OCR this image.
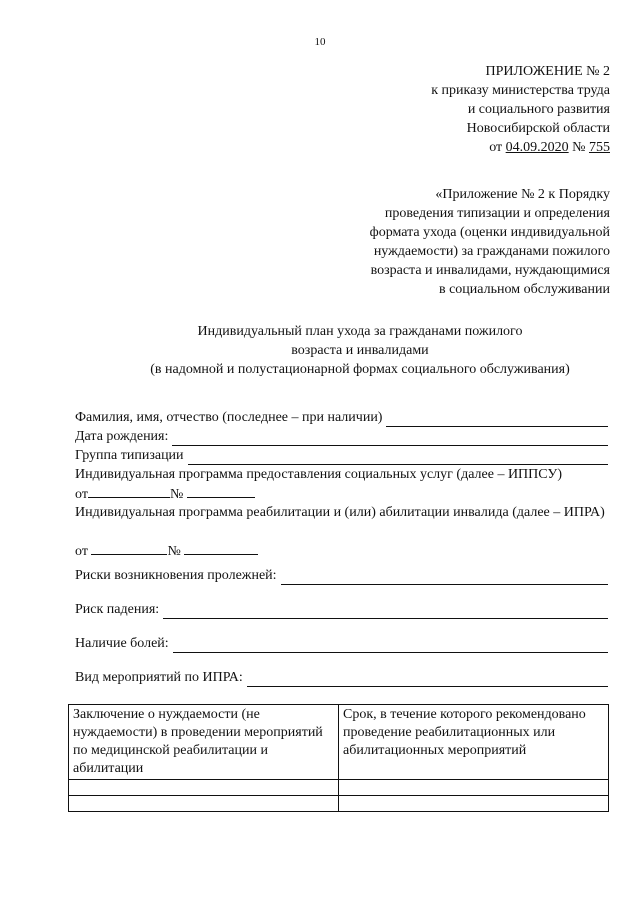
10
ПРИЛОЖЕНИЕ № 2
к приказу министерства труда
и социального развития
Новосибирской области
от 04.09.2020 № 755
«Приложение № 2 к Порядку
проведения типизации и определения
формата ухода (оценки индивидуальной
нуждаемости) за гражданами пожилого
возраста и инвалидами, нуждающимися
в социальном обслуживании
Индивидуальный план ухода за гражданами пожилого
возраста и инвалидами
(в надомной и полустационарной формах социального обслуживания)
Фамилия, имя, отчество (последнее – при наличии)
Дата рождения:
Группа типизации
Индивидуальная программа предоставления социальных услуг (далее – ИППСУ)
от	№
Индивидуальная программа реабилитации и (или) абилитации инвалида (далее – ИПРА)
от	№
Риски возникновения пролежней:
Риск падения:
Наличие болей:
Вид мероприятий по ИПРА:
Заключение о нуждаемости (не нуждаемости) в проведении мероприятий по медицинской реабилитации и абилитации	Срок, в течение которого рекомендовано проведение реабилитационных или абилитационных мероприятий
